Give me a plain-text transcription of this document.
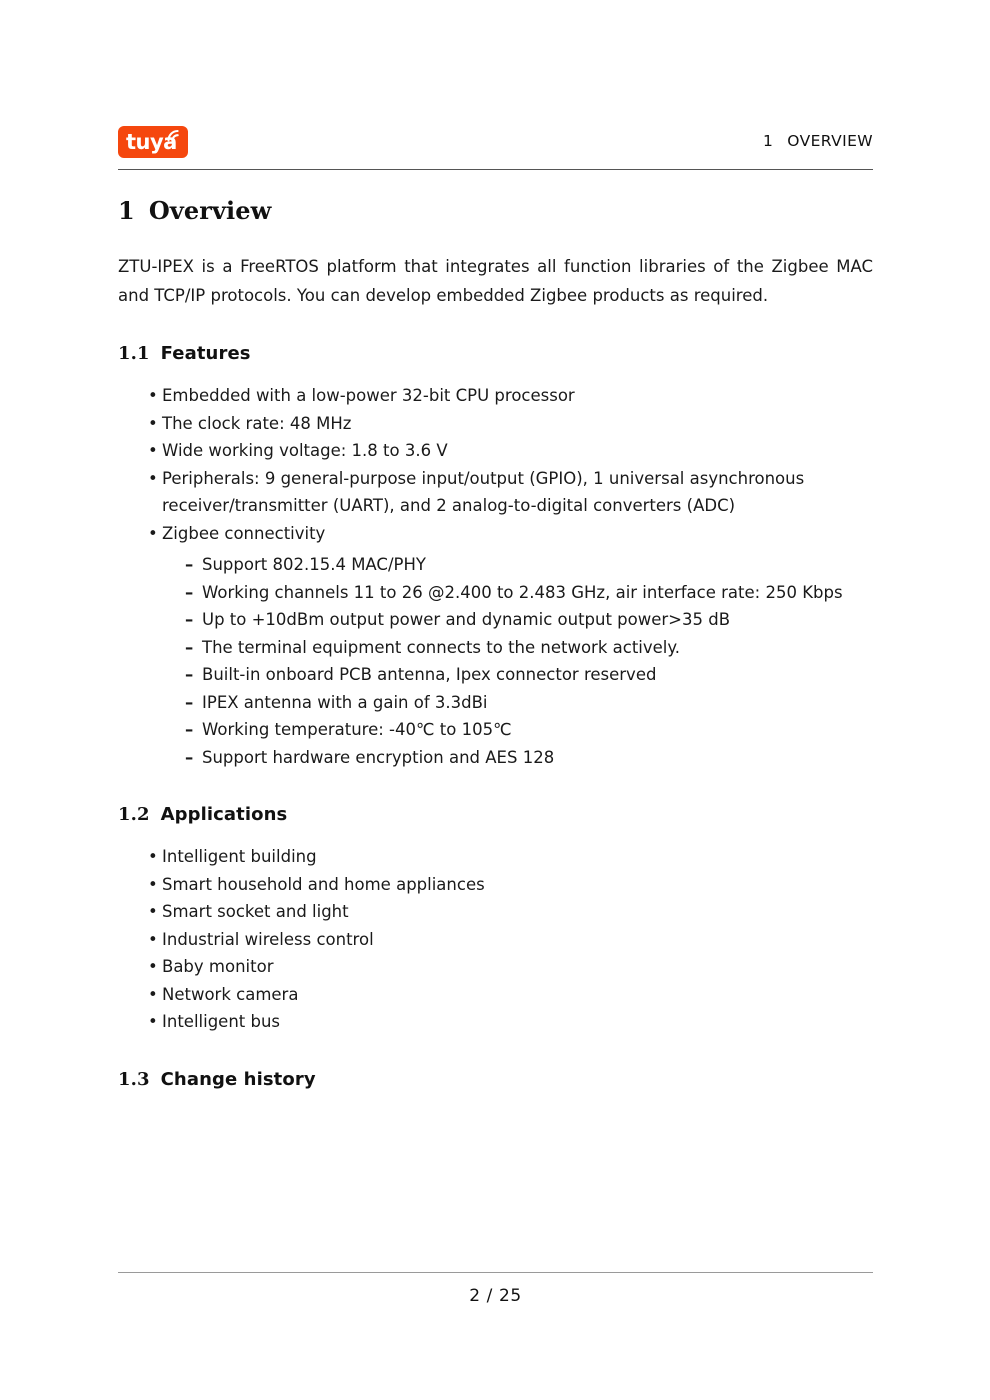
tuya	1 OVERVIEW
1 Overview

ZTU-IPEX is a FreeRTOS platform that integrates all function libraries of the Zigbee MAC and TCP/IP protocols. You can develop embedded Zigbee products as required.

1.1 Features
• Embedded with a low-power 32-bit CPU processor
• The clock rate: 48 MHz
• Wide working voltage: 1.8 to 3.6 V
• Peripherals: 9 general-purpose input/output (GPIO), 1 universal asynchronous receiver/transmitter (UART), and 2 analog-to-digital converters (ADC)
• Zigbee connectivity
– Support 802.15.4 MAC/PHY
– Working channels 11 to 26 @2.400 to 2.483 GHz, air interface rate: 250 Kbps
– Up to +10dBm output power and dynamic output power>35 dB
– The terminal equipment connects to the network actively.
– Built-in onboard PCB antenna, Ipex connector reserved
– IPEX antenna with a gain of 3.3dBi
– Working temperature: -40℃ to 105℃
– Support hardware encryption and AES 128
1.2 Applications
• Intelligent building
• Smart household and home appliances
• Smart socket and light
• Industrial wireless control
• Baby monitor
• Network camera
• Intelligent bus
1.3 Change history
2 / 25
